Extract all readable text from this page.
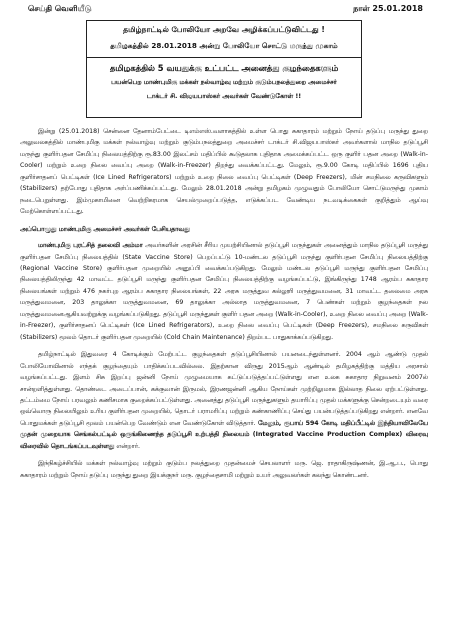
செய்தி வெளியீடு	நாள் 25.01.2018
தமிழ்நாட்டில் போலியோ அறவே அழிக்கப்பட்டுவிட்டது !
தமிழகத்தில் 28.01.2018 அன்று போலியோ சொட்டு மருந்து முகாம்
தமிழகத்தில் 5 வயதுக்கு உட்பட்ட அனைத்து குழந்தைகளும்
பயன்பெற மாண்புமிகு மக்கள் நல்வாழ்வு மற்றும் குடும்பநலத்துறை அமைச்சர்
டாக்டர் சி. விஜயபாஸ்கர் அவர்கள் வேண்டுகோள் !!

இன்று (25.01.2018) சென்னை தேனாம்பேட்டை டிஎம்எஸ்.வளாகத்தில் உள்ள பொது சுகாதாரம் மற்றும் நோய் தடுப்பு மருந்து துறை அலுவலகத்தில் மாண்புமிகு மக்கள் நல்வாழ்வு மற்றும் குடும்பநலத்துறை அமைச்சர் டாக்டர் சி.விஜயபாஸ்கர் அவர்களால் மாநில தடுப்பூசி மருந்து குளிர்பதன சேமிப்பு நிலையத்திற்கு ரூ.83.00 இலட்சம் மதிப்பில் கூடுதலாக புதிதாக அமைக்கப்பட்ட ஒரு குளிர் பதன அறை (Walk-in-Cooler) மற்றும் உறை நிலை வைப்பு அறை (Walk-in-Freezer) திறந்து வைக்கப்பட்டது. மேலும், ரூ.9.00 கோடி மதிப்பில் 1696 புதிய குளிர்சாதனப் பெட்டிகள் (Ice Lined Refrigerators) மற்றும் உறை நிலை வைப்பு பெட்டிகள் (Deep Freezers), மின் சமநிலை கருவிகளும் (Stabilizers) தற்போது புதிதாக அர்ப்பணிக்கப்பட்டது. மேலும் 28.01.2018 அன்று தமிழகம் முழுவதும் போலியோ சொட்டுமருந்து முகாம் நடைபெறுள்ளது. இம்முகாமினை வெற்றிகரமாக செயல்முறைப்படுத்த, எடுக்கப்பட வேண்டிய நடவடிக்கைகள் குறித்தும் ஆய்வு மேற்கொள்ளப்பட்டது.

அப்பொழுது மாண்புமிகு அமைச்சர் அவர்கள் பேசியதாவது

மாண்புமிகு புரட்சித் தலைவி அம்மா அவர்களின் அரசின் சீரிய முயற்சியினால் தடுப்பூசி மருந்துகள் அனைத்தும் மாநில தடுப்பூசி மருந்து குளிர்பதன சேமிப்பு நிலையத்தில் (State Vaccine Store) பெறப்பட்டு 10-மண்டல தடுப்பூசி மருந்து குளிர்பதன சேமிப்பு நிலையத்திற்கு (Regional Vaccine Store) குளிர்பதன முறையில் அனுப்பி வைக்கப்படுகிறது. மேலும் மண்டல தடுப்பூசி மருந்து குளிர்பதன சேமிப்பு நிலையத்திலிருந்து 42 மாவட்ட தடுப்பூசி மருந்து குளிர்பதன சேமிப்பு நிலையத்திற்கு வழங்கப்பட்டு, இங்கிருந்து 1748 ஆரம்ப சுகாதார நிலையங்கள் மற்றும் 476 நகர்புற ஆரம்ப சுகாதார நிலையங்கள், 22 அரசு மருத்துவ கல்லூரி மருத்துவமனை, 31 மாவட்ட தலைமை அரசு மருத்துவமனை, 203 தாலுக்கா மருத்துவமனை, 69 தாலுக்கா அல்லாத மருத்துவமனை, 7 பெண்கள் மற்றும் குழந்தைகள் நல மருத்துவமனைஆகியவற்றுக்கு வழங்கப்படுகிறது. தடுப்பூசி மருந்துகள் குளிர் பதன அறை (Walk-in-Cooler), உறை நிலை வைப்பு அறை (Walk-in-Freezer), குளிர்சாதனப் பெட்டிகள் (Ice Lined Refrigerators), உறை நிலை வைப்பு பெட்டிகள் (Deep Freezers), சமநிலை கருவிகள் (Stabilizers) மூலம் தொடர் குளிர்பதன முறையில் (Cold Chain Maintenance) திறம்பட பாதுகாக்கப்படுகிறது.

தமிழ்நாட்டில் இதுவரை 4 கோடிக்கும் மேற்பட்ட குழந்தைகள் தடுப்பூசியினால் பயனடைந்துள்ளனர். 2004 ஆம் ஆண்டு முதல் போலியோவினால் எந்தக் குழந்தையும் பாதிக்கப்படவில்லை. இதற்கான விருது 2015ஆம் ஆண்டில் தமிழகத்திற்கு மத்திய அரசால் வழங்கப்பட்டது. இளம் சிசு இறப்பு ஜன்னி நோய் முழுமையாக கட்டுப்படுத்தப்பட்டுள்ளது என உலக சுகாதார நிறுவனம் 2007ல் சான்றளித்துள்ளது. தொண்டை அடைப்பான், கக்குவான் இருமல், இரணஜன்னி ஆகிய நோய்கள் முற்றிலுமாக இல்லாத நிலை ஏற்பட்டுள்ளது. தட்டம்மை நோய் பரவலும் கணிசமாக குறைக்கப்பட்டுள்ளது. அனைத்து தடுப்பூசி மருந்துகளும் தயாரிப்பு முதல் மக்களுக்கு சென்றடையும் வரை ஒவ்வொரு நிலையிலும் உரிய குளிர்பதன முறையில், தொடர் பராமரிப்பு மற்றும் கண்காணிப்பு செய்து பயன்படுத்தப்படுகிறது என்றார். எனவே பொதுமக்கள் தடுப்பூசி மூலம் பயன்பெற வேண்டும் என வேண்டுகோள் விடுத்தார். மேலும், ரூபாய் 594 கோடி மதிப்பீட்டில் இந்தியாவிலேயே முதன் முறையாக செங்கல்பட்டில் ஒருங்கிணைந்த தடுப்பூசி உற்பத்தி நிலையம் (Integrated Vaccine Production Complex) விரைவு விரைவில் தொடங்கப்படவுள்ளது என்றார்.

இந்நிகழ்ச்சியில் மக்கள் நல்வாழ்வு மற்றும் குடும்ப நலத்துறை முதன்மைச் செயலாளர் மரு. ஜெ. ராதாகிருஷ்ணன், இ.ஆ.ப., பொது சுகாதாரம் மற்றும் நோய் தடுப்பு மருந்து துறை இயக்குநர் மரு. குழந்தைசாமி மற்றும் உயர் அலுவலர்கள் கலந்து கொண்டனர்.
